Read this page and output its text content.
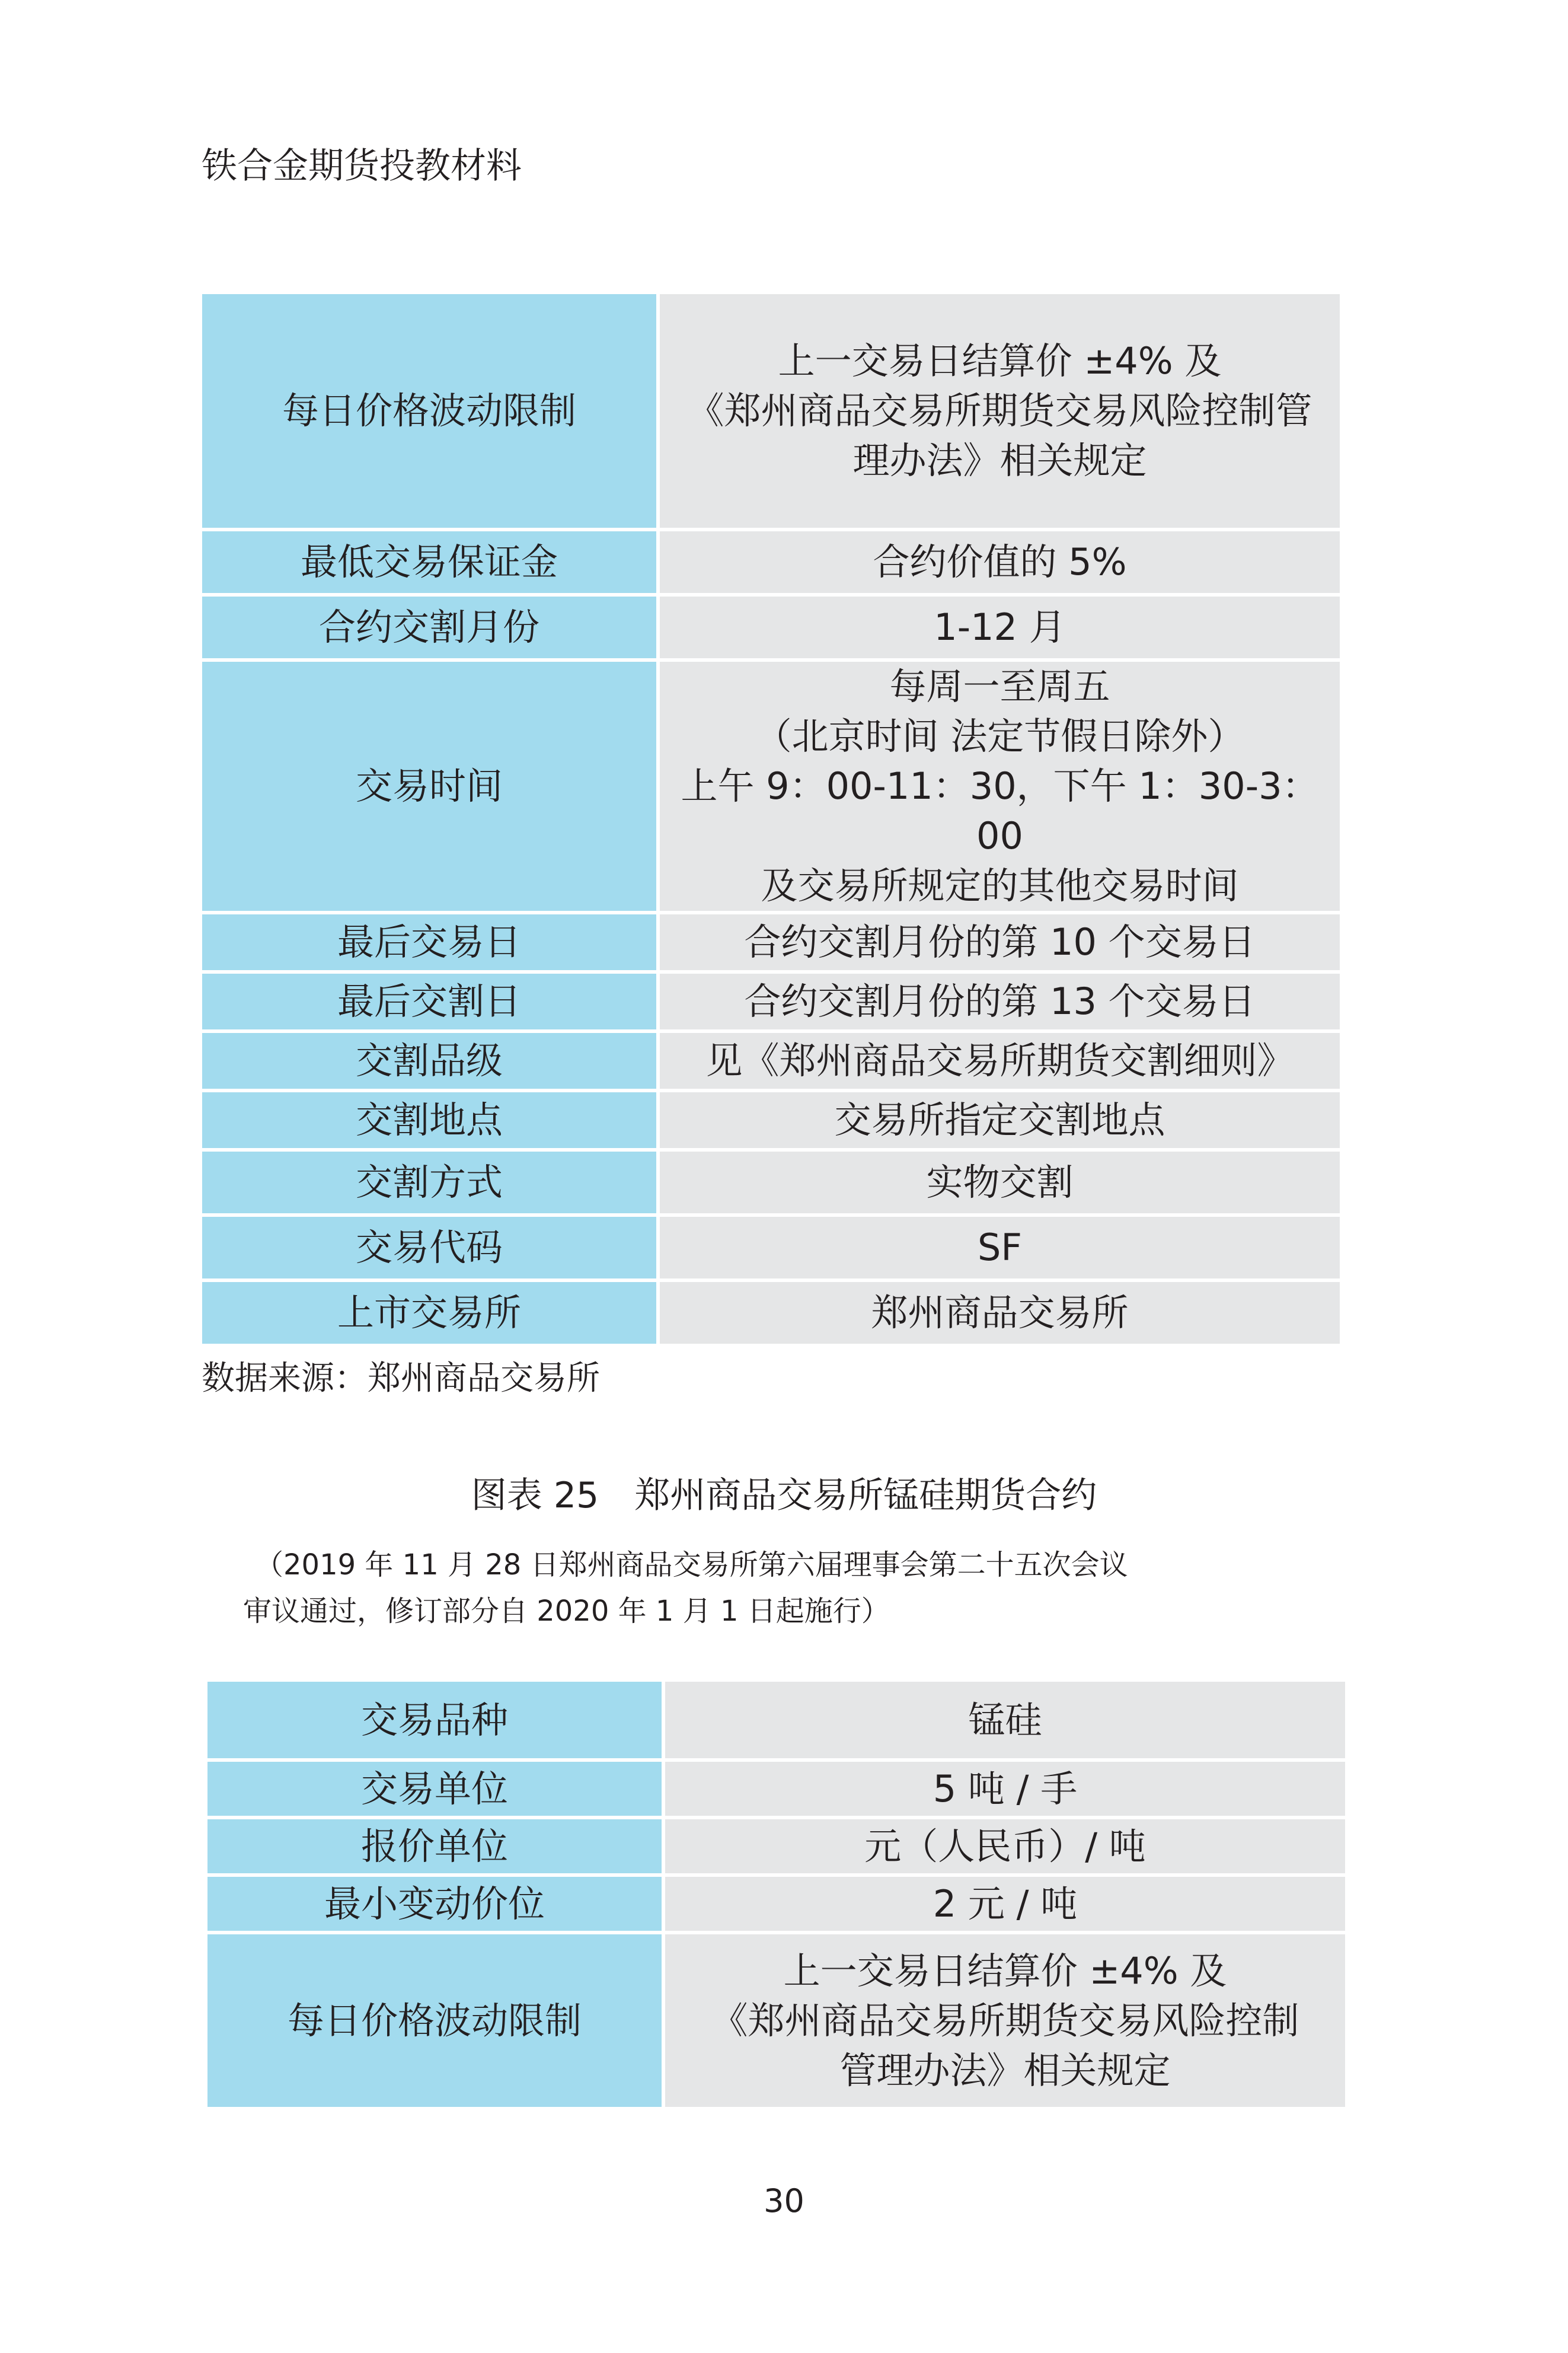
铁合金期货投教材料
每日价格波动限制	上一交易日结算价 ±4% 及
《郑州商品交易所期货交易风险控制管
理办法》相关规定

最低交易保证金	合约价值的 5%

合约交割月份	1-12 月

交易时间	每周一至周五
（北京时间 法定节假日除外）
上午 9：00-11：30，下午 1：30-3：00
及交易所规定的其他交易时间

最后交易日	合约交割月份的第 10 个交易日

最后交割日	合约交割月份的第 13 个交易日

交割品级	见《郑州商品交易所期货交割细则》

交割地点	交易所指定交割地点

交割方式	实物交割

交易代码	SF

上市交易所	郑州商品交易所
数据来源：郑州商品交易所
图表 25　郑州商品交易所锰硅期货合约
（2019 年 11 月 28 日郑州商品交易所第六届理事会第二十五次会议
审议通过，修订部分自 2020 年 1 月 1 日起施行）
交易品种	锰硅

交易单位	5 吨 / 手

报价单位	元（人民币）/ 吨

最小变动价位	2 元 / 吨

每日价格波动限制	上一交易日结算价 ±4% 及
《郑州商品交易所期货交易风险控制
管理办法》相关规定
30
